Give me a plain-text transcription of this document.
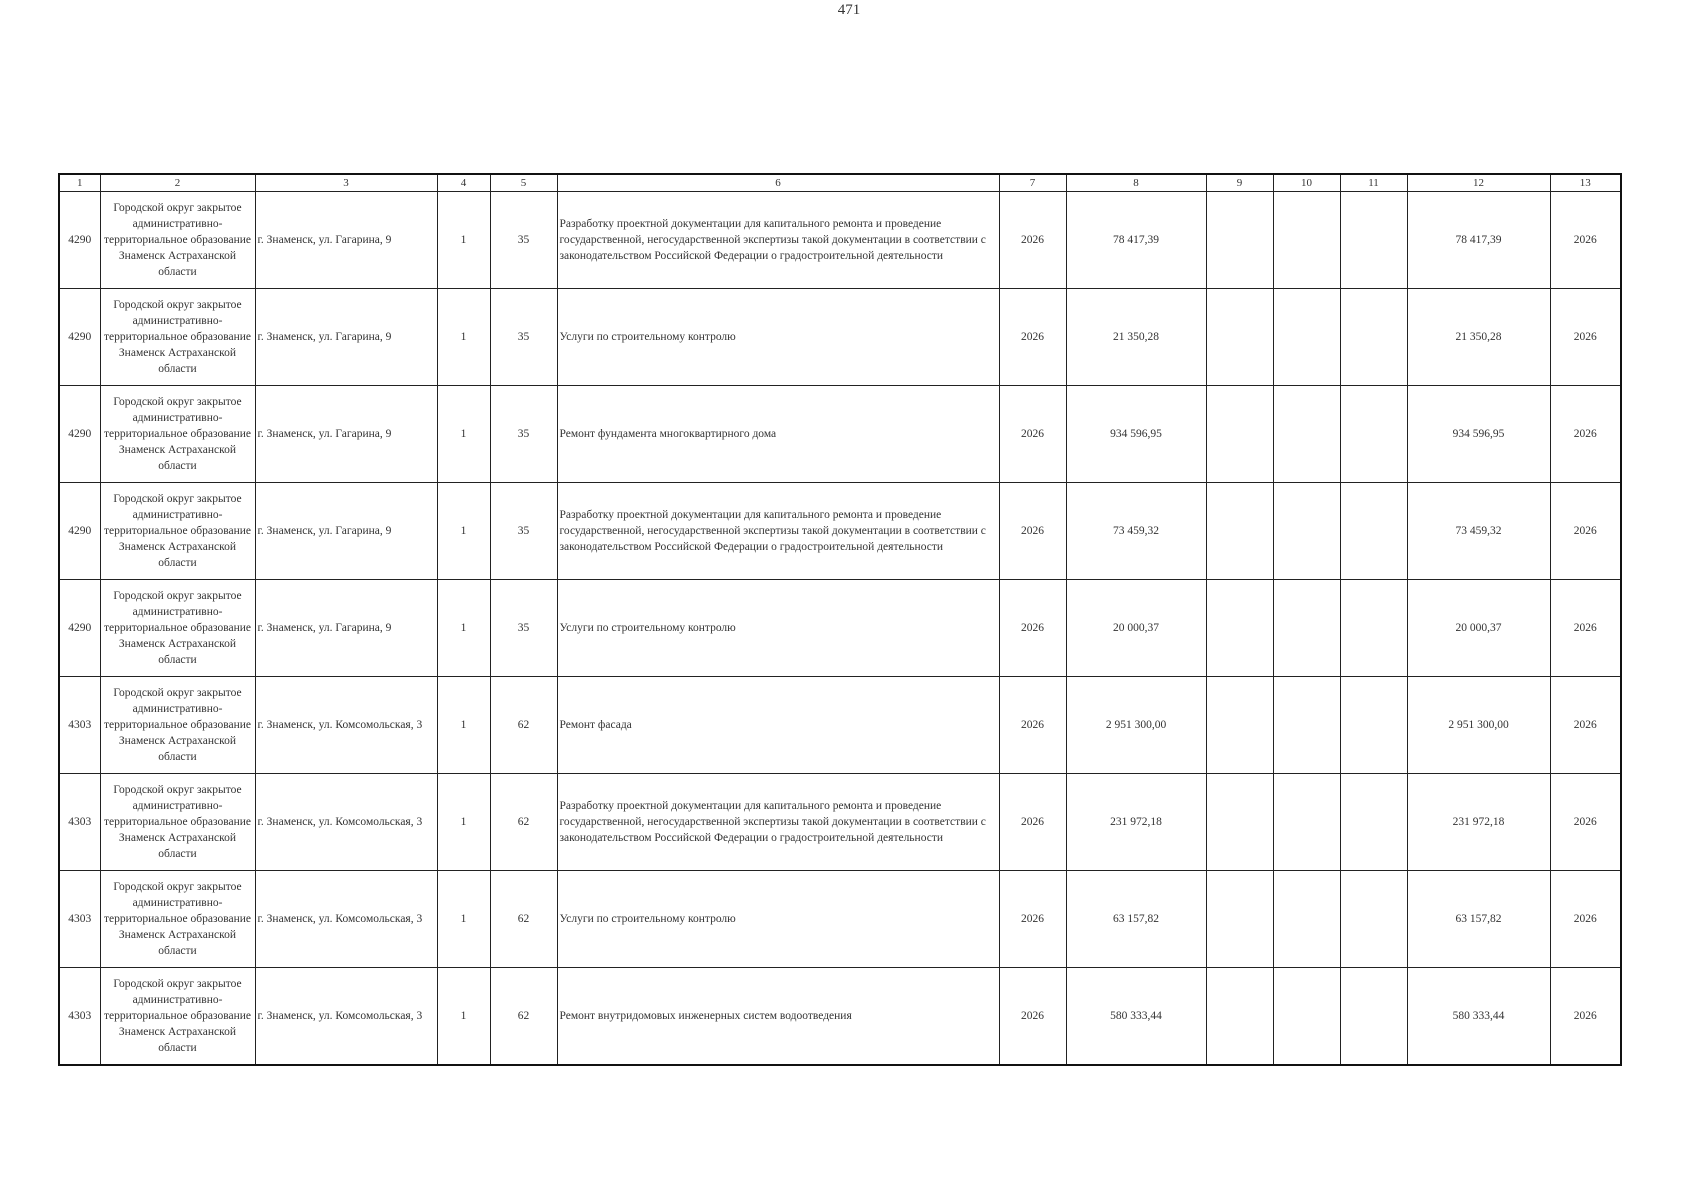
471
1	2	3	4	5	6	7	8	9	10	11	12	13
4290	Городской округ закрытое административно-территориальное образование Знаменск Астраханской области	г. Знаменск, ул. Гагарина, 9	1	35	Разработку проектной документации для капитального ремонта и проведение государственной, негосударственной экспертизы такой документации в соответствии с законодательством Российской Федерации о градостроительной деятельности	2026	78 417,39				78 417,39	2026
4290	Городской округ закрытое административно-территориальное образование Знаменск Астраханской области	г. Знаменск, ул. Гагарина, 9	1	35	Услуги по строительному контролю	2026	21 350,28				21 350,28	2026
4290	Городской округ закрытое административно-территориальное образование Знаменск Астраханской области	г. Знаменск, ул. Гагарина, 9	1	35	Ремонт фундамента многоквартирного дома	2026	934 596,95				934 596,95	2026
4290	Городской округ закрытое административно-территориальное образование Знаменск Астраханской области	г. Знаменск, ул. Гагарина, 9	1	35	Разработку проектной документации для капитального ремонта и проведение государственной, негосударственной экспертизы такой документации в соответствии с законодательством Российской Федерации о градостроительной деятельности	2026	73 459,32				73 459,32	2026
4290	Городской округ закрытое административно-территориальное образование Знаменск Астраханской области	г. Знаменск, ул. Гагарина, 9	1	35	Услуги по строительному контролю	2026	20 000,37				20 000,37	2026
4303	Городской округ закрытое административно-территориальное образование Знаменск Астраханской области	г. Знаменск, ул. Комсомольская, 3	1	62	Ремонт фасада	2026	2 951 300,00				2 951 300,00	2026
4303	Городской округ закрытое административно-территориальное образование Знаменск Астраханской области	г. Знаменск, ул. Комсомольская, 3	1	62	Разработку проектной документации для капитального ремонта и проведение государственной, негосударственной экспертизы такой документации в соответствии с законодательством Российской Федерации о градостроительной деятельности	2026	231 972,18				231 972,18	2026
4303	Городской округ закрытое административно-территориальное образование Знаменск Астраханской области	г. Знаменск, ул. Комсомольская, 3	1	62	Услуги по строительному контролю	2026	63 157,82				63 157,82	2026
4303	Городской округ закрытое административно-территориальное образование Знаменск Астраханской области	г. Знаменск, ул. Комсомольская, 3	1	62	Ремонт внутридомовых инженерных систем водоотведения	2026	580 333,44				580 333,44	2026
